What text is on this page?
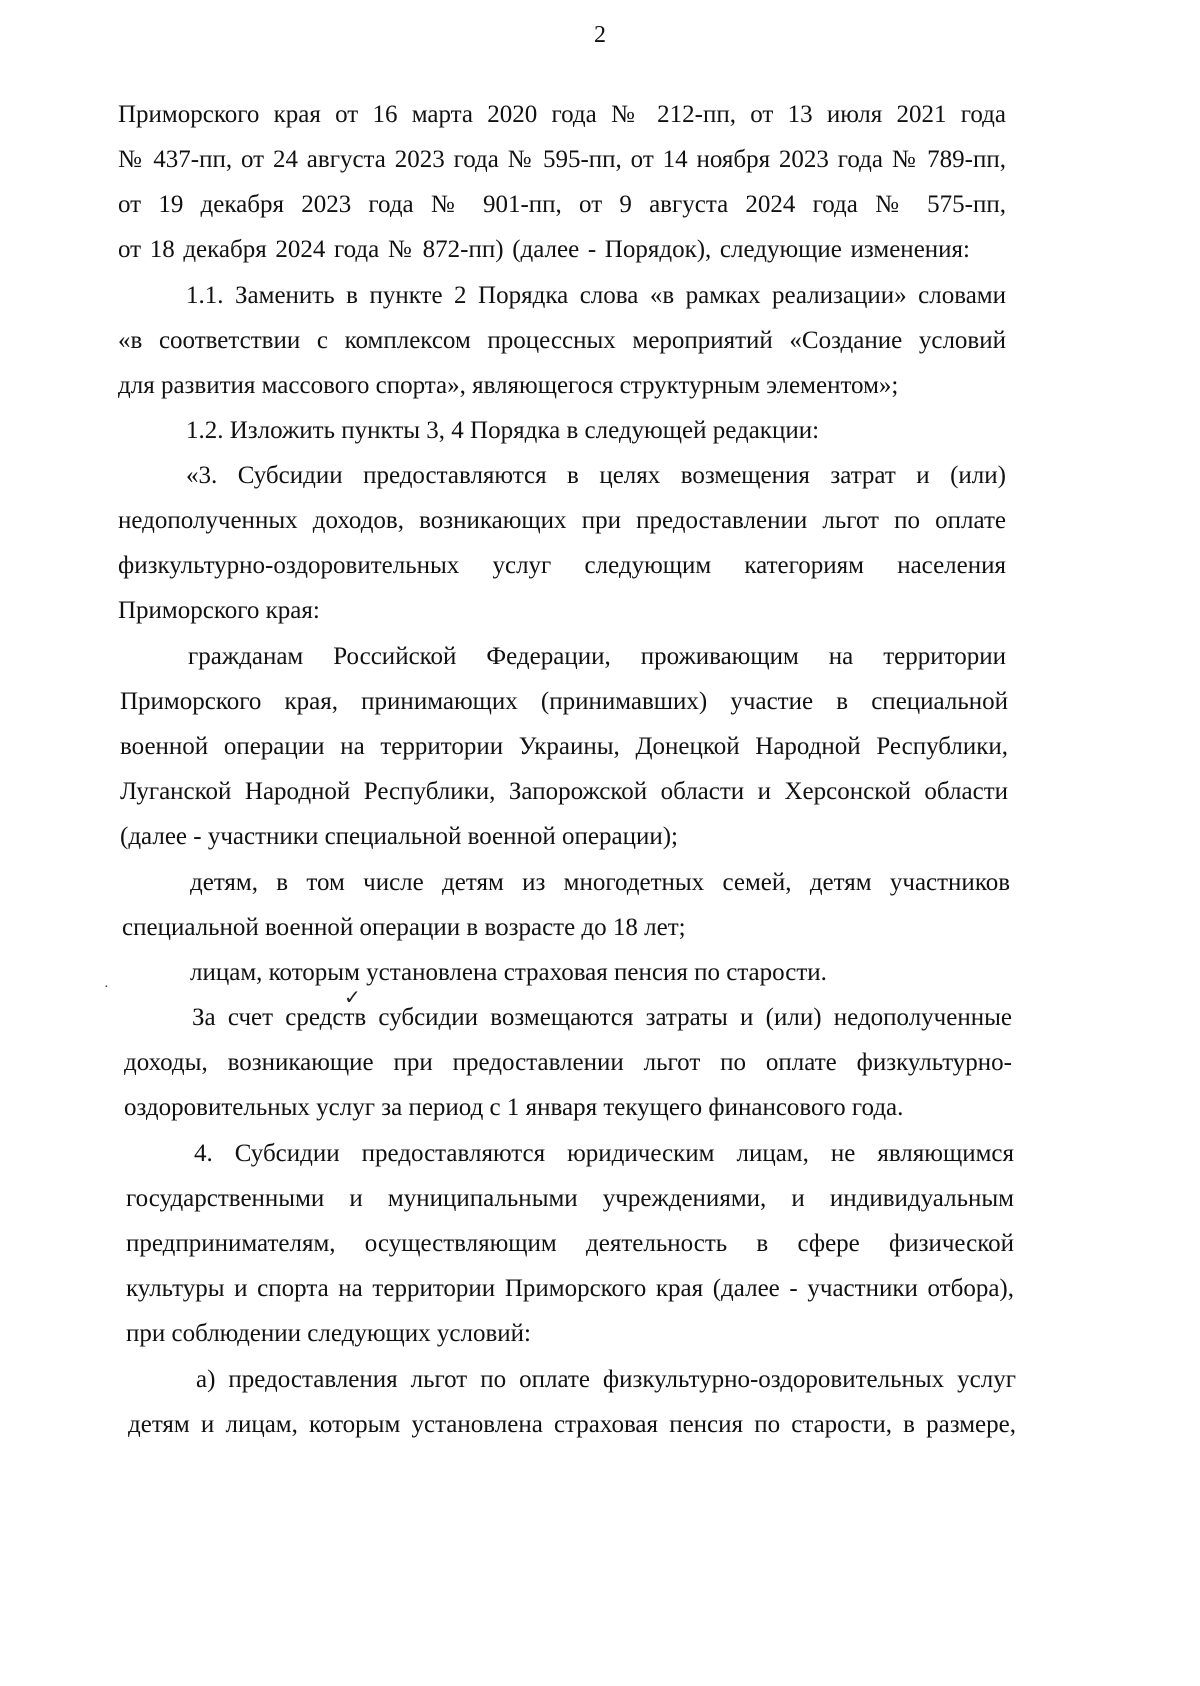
2
Приморского края от 16 марта 2020 года № 212-пп, от 13 июля 2021 года
№ 437-пп, от 24 августа 2023 года № 595-пп, от 14 ноября 2023 года № 789-пп,
от 19 декабря 2023 года № 901-пп, от 9 августа 2024 года № 575-пп,
от 18 декабря 2024 года № 872-пп) (далее - Порядок), следующие изменения:
1.1. Заменить в пункте 2 Порядка слова «в рамках реализации» словами
«в соответствии с комплексом процессных мероприятий «Создание условий
для развития массового спорта», являющегося структурным элементом»;
1.2. Изложить пункты 3, 4 Порядка в следующей редакции:
«3. Субсидии предоставляются в целях возмещения затрат и (или)
недополученных доходов, возникающих при предоставлении льгот по оплате
физкультурно-оздоровительных услуг следующим категориям населения
Приморского края:
гражданам Российской Федерации, проживающим на территории
Приморского края, принимающих (принимавших) участие в специальной
военной операции на территории Украины, Донецкой Народной Республики,
Луганской Народной Республики, Запорожской области и Херсонской области
(далее - участники специальной военной операции);
детям, в том числе детям из многодетных семей, детям участников
специальной военной операции в возрасте до 18 лет;
лицам, которым установлена страховая пенсия по старости.
За счет средств субсидии возмещаются затраты и (или) недополученные
доходы, возникающие при предоставлении льгот по оплате физкультурно-
оздоровительных услуг за период с 1 января текущего финансового года.
4. Субсидии предоставляются юридическим лицам, не являющимся
государственными и муниципальными учреждениями, и индивидуальным
предпринимателям, осуществляющим деятельность в сфере физической
культуры и спорта на территории Приморского края (далее - участники отбора),
при соблюдении следующих условий:
а) предоставления льгот по оплате физкультурно-оздоровительных услуг
детям и лицам, которым установлена страховая пенсия по старости, в размере,
✓
·
